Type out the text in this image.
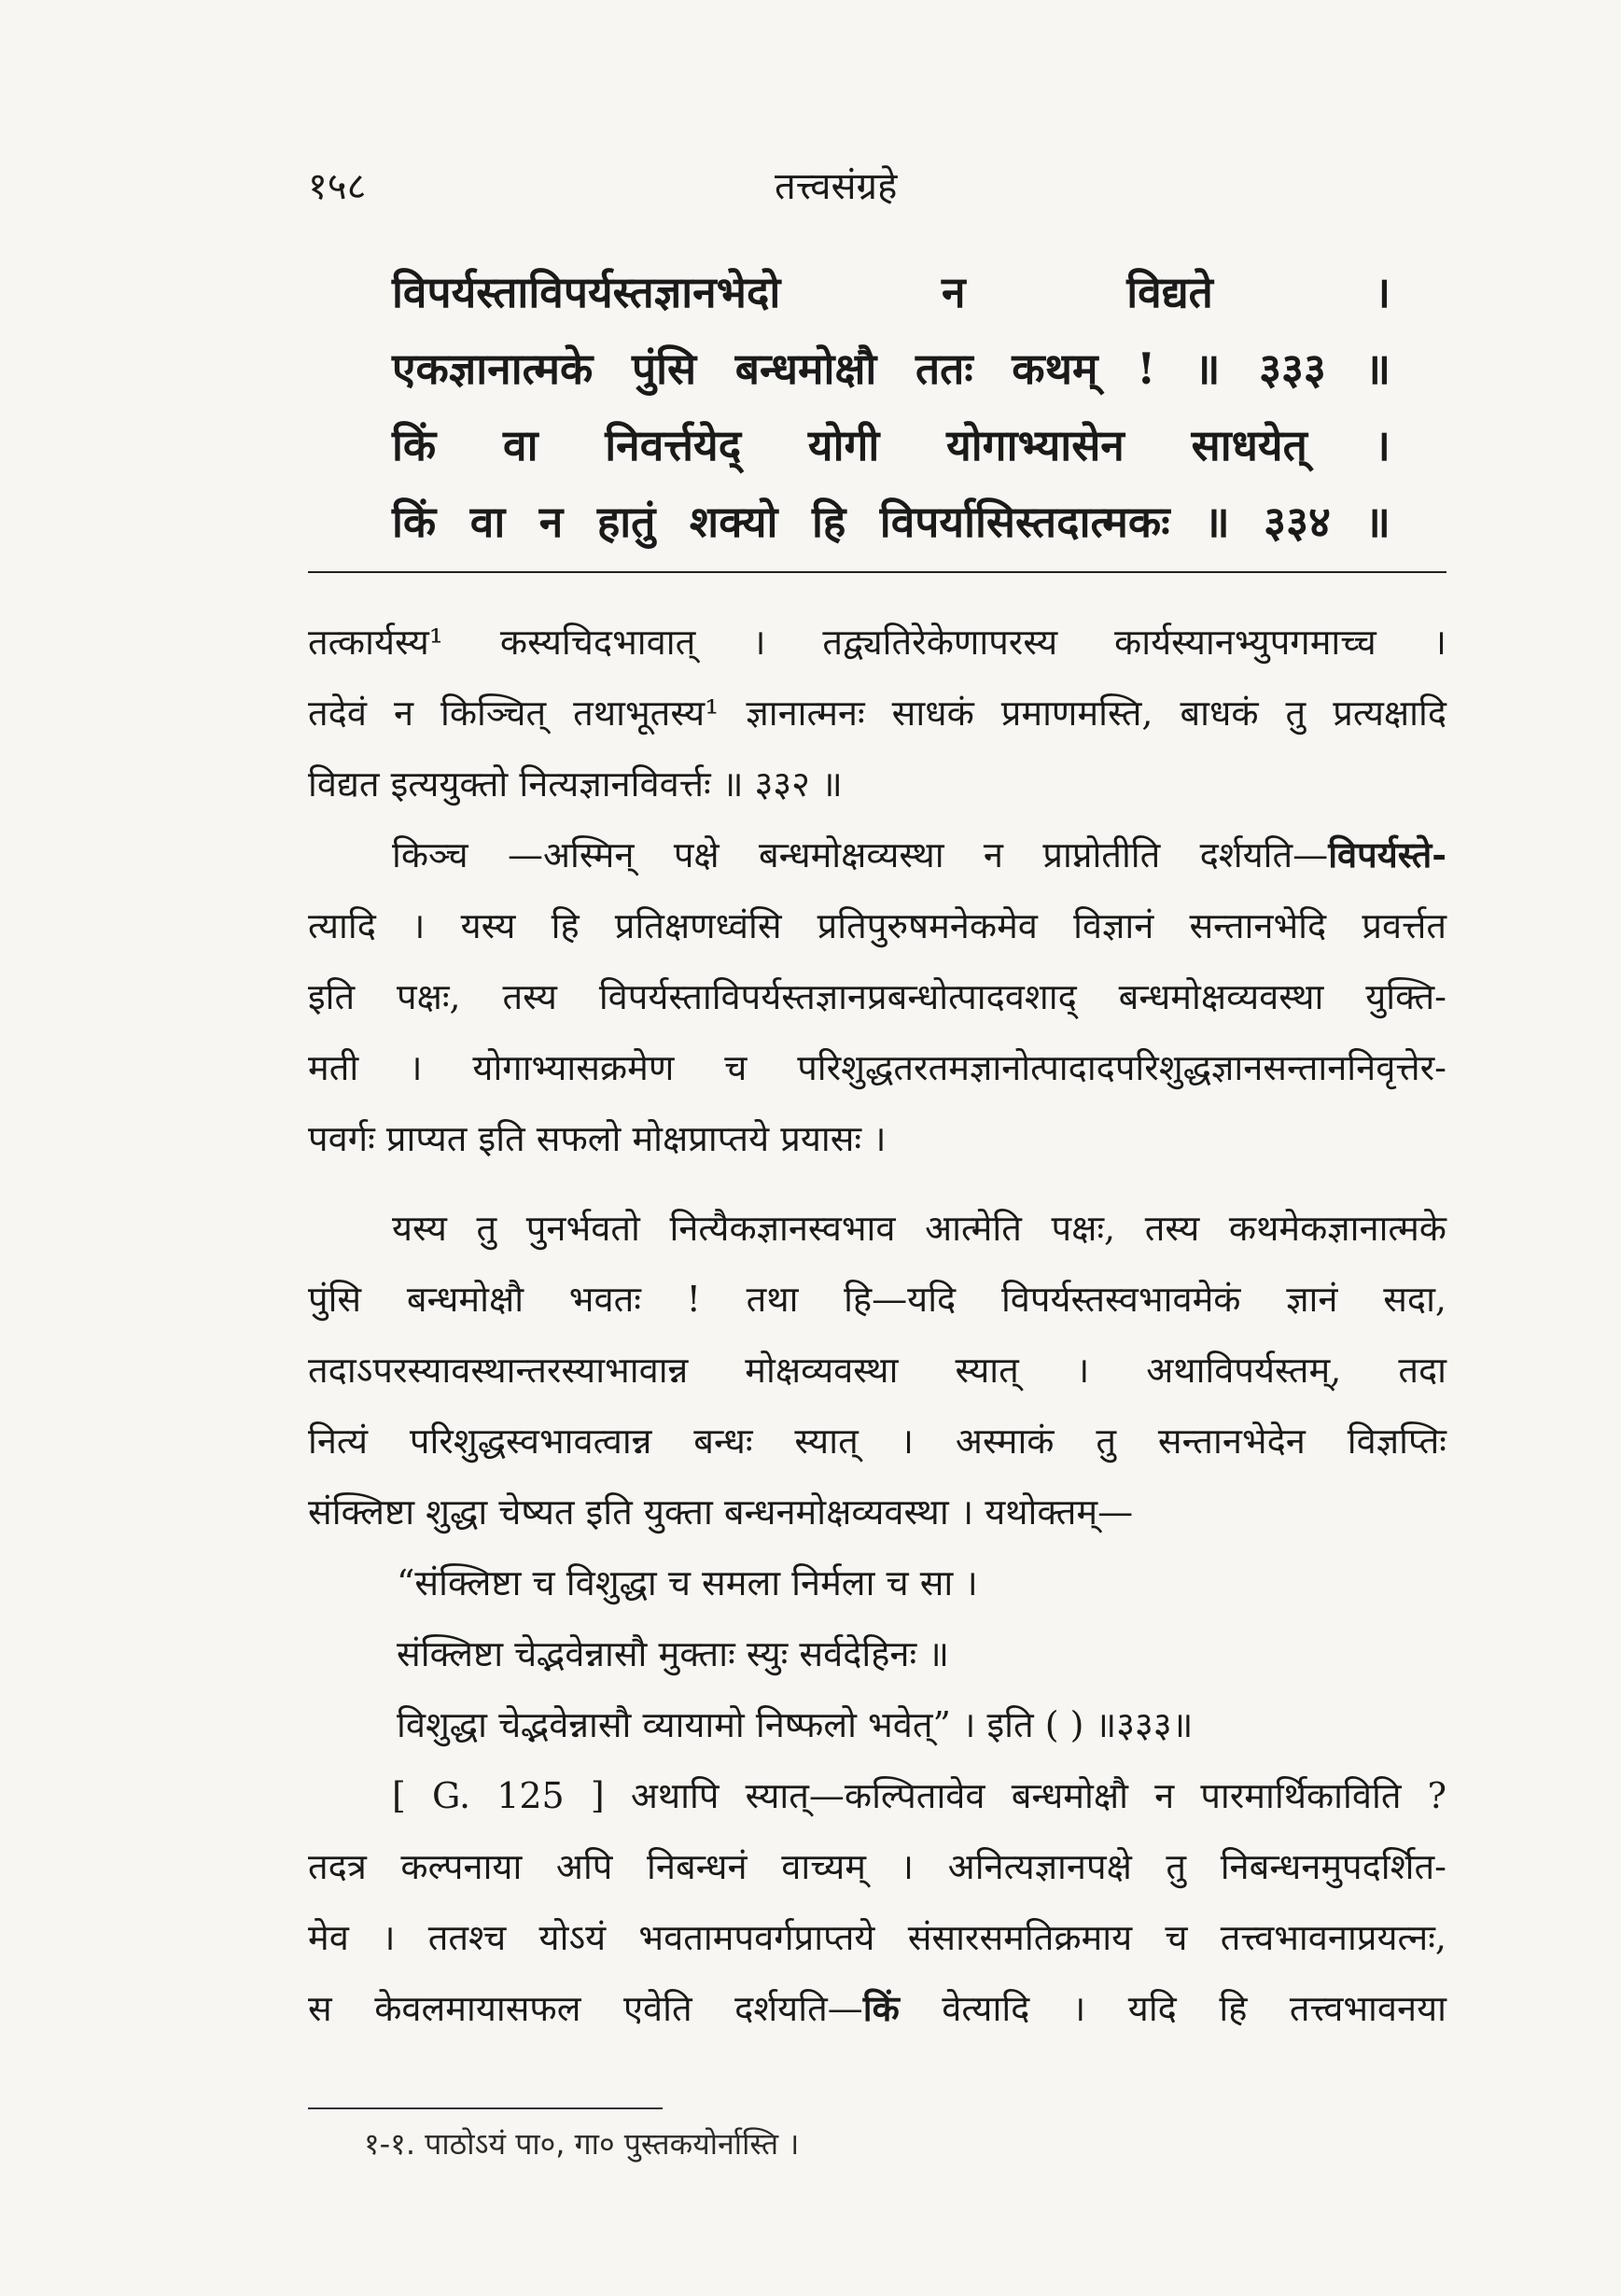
१५८	तत्त्वसंग्रहे
विपर्यस्ताविपर्यस्तज्ञानभेदो न विद्यते ।
एकज्ञानात्मके पुंसि बन्धमोक्षौ ततः कथम् ! ॥ ३३३ ॥
किं वा निवर्त्तयेद् योगी योगाभ्यासेन साधयेत् ।
किं वा न हातुं शक्यो हि विपर्यासिस्तदात्मकः ॥ ३३४ ॥
तत्कार्यस्य¹ कस्यचिदभावात् । तद्व्यतिरेकेणापरस्य कार्यस्यानभ्युपगमाच्च ।
तदेवं न किञ्चित् तथाभूतस्य¹ ज्ञानात्मनः साधकं प्रमाणमस्ति, बाधकं तु प्रत्यक्षादि
विद्यत इत्ययुक्तो नित्यज्ञानविवर्त्तः ॥ ३३२ ॥
किञ्च —अस्मिन् पक्षे बन्धमोक्षव्यस्था न प्राप्नोतीति दर्शयति—विपर्यस्ते-
त्यादि । यस्य हि प्रतिक्षणध्वंसि प्रतिपुरुषमनेकमेव विज्ञानं सन्तानभेदि प्रवर्त्तत
इति पक्षः, तस्य विपर्यस्ताविपर्यस्तज्ञानप्रबन्धोत्पादवशाद् बन्धमोक्षव्यवस्था युक्ति-
मती । योगाभ्यासक्रमेण च परिशुद्धतरतमज्ञानोत्पादादपरिशुद्धज्ञानसन्ताननिवृत्तेर-
पवर्गः प्राप्यत इति सफलो मोक्षप्राप्तये प्रयासः ।
यस्य तु पुनर्भवतो नित्यैकज्ञानस्वभाव आत्मेति पक्षः, तस्य कथमेकज्ञानात्मके
पुंसि बन्धमोक्षौ भवतः ! तथा हि—यदि विपर्यस्तस्वभावमेकं ज्ञानं सदा,
तदाऽपरस्यावस्थान्तरस्याभावान्न मोक्षव्यवस्था स्यात् । अथाविपर्यस्तम्, तदा
नित्यं परिशुद्धस्वभावत्वान्न बन्धः स्यात् । अस्माकं तु सन्तानभेदेन विज्ञप्तिः
संक्लिष्टा शुद्धा चेष्यत इति युक्ता बन्धनमोक्षव्यवस्था । यथोक्तम्—
“संक्लिष्टा च विशुद्धा च समला निर्मला च सा ।
संक्लिष्टा चेद्भवेन्नासौ मुक्ताः स्युः सर्वदेहिनः ॥
विशुद्धा चेद्भवेन्नासौ व्यायामो निष्फलो भवेत्” । इति ( ) ॥३३३॥
[ G. 125 ] अथापि स्यात्—कल्पितावेव बन्धमोक्षौ न पारमार्थिकाविति ?
तदत्र कल्पनाया अपि निबन्धनं वाच्यम् । अनित्यज्ञानपक्षे तु निबन्धनमुपदर्शित-
मेव । ततश्च योऽयं भवतामपवर्गप्राप्तये संसारसमतिक्रमाय च तत्त्वभावनाप्रयत्नः,
स केवलमायासफल एवेति दर्शयति—किं वेत्यादि । यदि हि तत्त्वभावनया
१-१. पाठोऽयं पा०, गा० पुस्तकयोर्नास्ति ।
